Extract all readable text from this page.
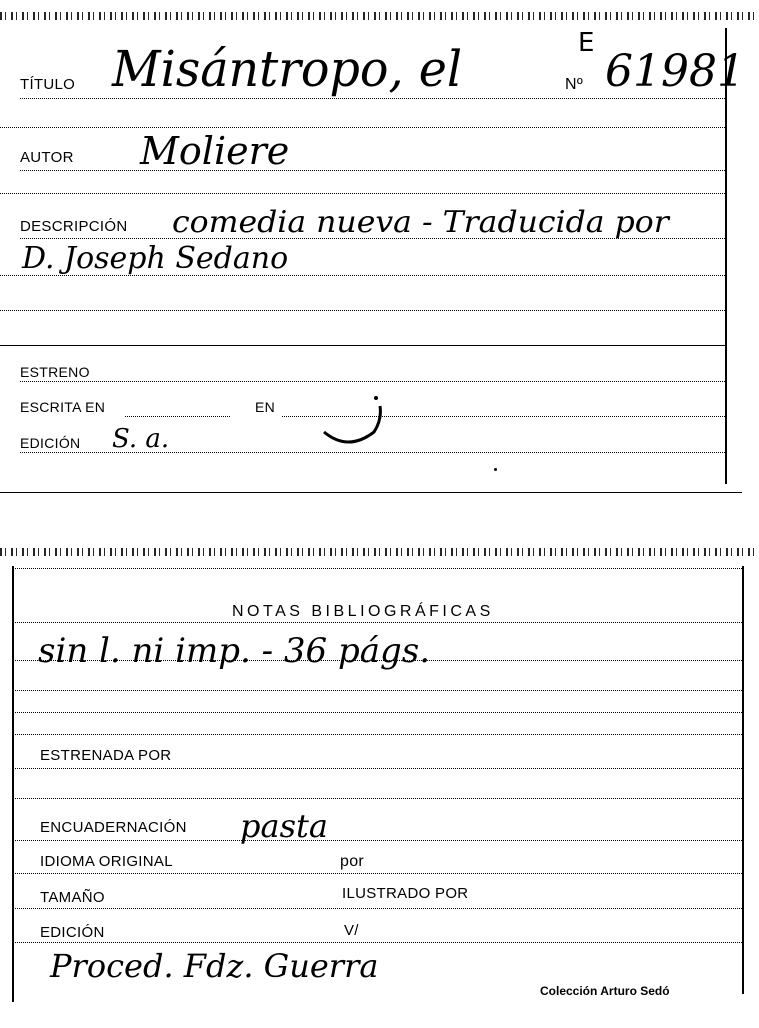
TÍTULO Misántropo, el	Nº 61981
E
AUTOR Moliere
DESCRIPCIÓN comedia nueva - Traducida por
D. Joseph Sedano
ESTRENO
ESCRITA EN	EN
EDICIÓN S. a.
NOTAS BIBLIOGRÁFICAS
sin l. ni imp. - 36 págs.
ESTRENADA POR
ENCUADERNACIÓN pasta
IDIOMA ORIGINAL	por
TAMAÑO	ILUSTRADO POR
EDICIÓN	V/
Proced. Fdz. Guerra
Colección Arturo Sedó
